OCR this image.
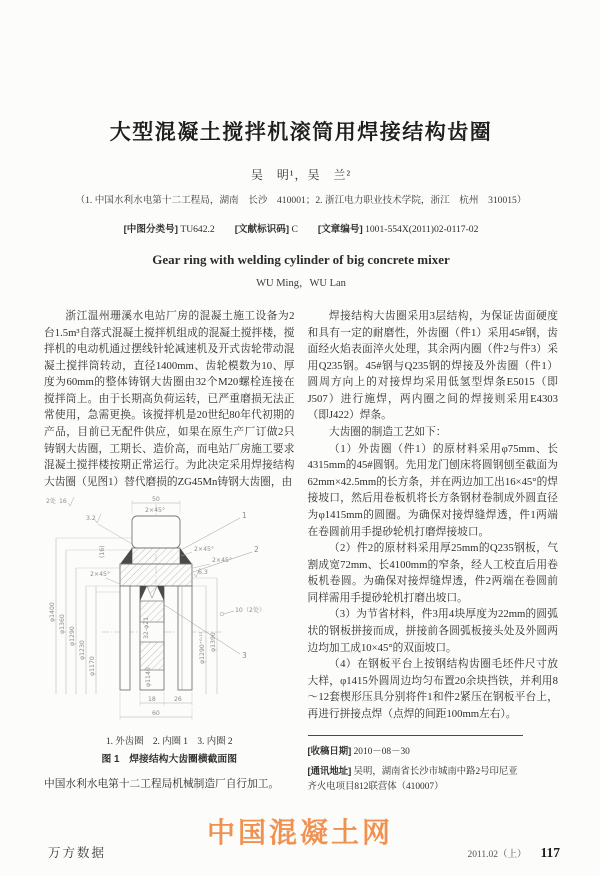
大型混凝土搅拌机滚筒用焊接结构齿圈
吴　明¹，吴　兰²
（1. 中国水利水电第十二工程局，湖南　长沙　410001；2. 浙江电力职业技术学院，浙江　杭州　310015）
[中图分类号] TU642.2 [文献标识码] C [文章编号] 1001-554X(2011)02-0117-02
Gear ring with welding cylinder of big concrete mixer
WU Ming，WU Lan

浙江温州珊溪水电站厂房的混凝土施工设备为2台1.5m³自落式混凝土搅拌机组成的混凝土搅拌楼，搅拌机的电动机通过摆线针轮减速机及开式齿轮带动混凝土搅拌筒转动，直径1400mm、齿轮模数为10、厚度为60mm的整体铸钢大齿圈由32个M20螺栓连接在搅拌筒上。由于长期高负荷运转，已严重磨损无法正常使用，急需更换。该搅拌机是20世纪80年代初期的产品，目前已无配件供应，如果在原生产厂订做2只铸钢大齿圈，工期长、造价高，而电站厂房施工要求混凝土搅拌楼按期正常运行。为此决定采用焊接结构大齿圈（见图1）替代磨损的ZG45Mn铸钢大齿圈，由

φ1400
φ1360
φ1290
φ1230
φ1170
φ1290⁺⁰·¹⁵ φ1390
6.3
50
2×45°
(16)
2×45°
2×45°
2×45°
32-φ21
φ1140
1
2
3
10（2处）
2处 16
3.2
18	26
60
1. 外齿圈　2. 内圈 1　3. 内圈 2
图 1　焊接结构大齿圈横截面图

中国水利水电第十二工程局机械制造厂自行加工。

焊接结构大齿圈采用3层结构，为保证齿面硬度和具有一定的耐磨性，外齿圈（件1）采用45#钢，齿面经火焰表面淬火处理，其余两内圈（件2与件3）采用Q235钢。45#钢与Q235钢的焊接及外齿圈（件1）圆周方向上的对接焊均采用低氢型焊条E5015（即J507）进行施焊，两内圈之间的焊接则采用E4303（即J422）焊条。

大齿圈的制造工艺如下：

（1）外齿圈（件1）的原材料采用φ75mm、长4315mm的45#圆钢。先用龙门刨床将圆钢刨至截面为62mm×42.5mm的长方条，并在两边加工出16×45°的焊接坡口，然后用卷板机将长方条钢材卷制成外圆直径为φ1415mm的圆圈。为确保对接焊缝焊透，件1两端在卷圆前用手提砂轮机打磨焊接坡口。

（2）件2的原材料采用厚25mm的Q235钢板，气割成宽72mm、长4100mm的窄条，经人工校直后用卷板机卷圆。为确保对接焊缝焊透，件2两端在卷圆前同样需用手提砂轮机打磨出坡口。

（3）为节省材料，件3用4块厚度为22mm的圆弧状的钢板拼接而成，拼接前各圆弧板接头处及外圆两边均加工成10×45°的双面坡口。

（4）在钢板平台上按钢结构齿圈毛坯件尺寸放大样，φ1415外圆周边均匀布置20余块挡铁，并利用8～12套楔形压具分别将件1和件2紧压在钢板平台上，再进行拼接点焊（点焊的间距100mm左右）。

[收稿日期] 2010－08－30
[通讯地址] 吴明，湖南省长沙市城南中路2号印尼亚齐火电项目812联营体（410007）
中国混凝土网
万方数据	2011.02（上） 117
